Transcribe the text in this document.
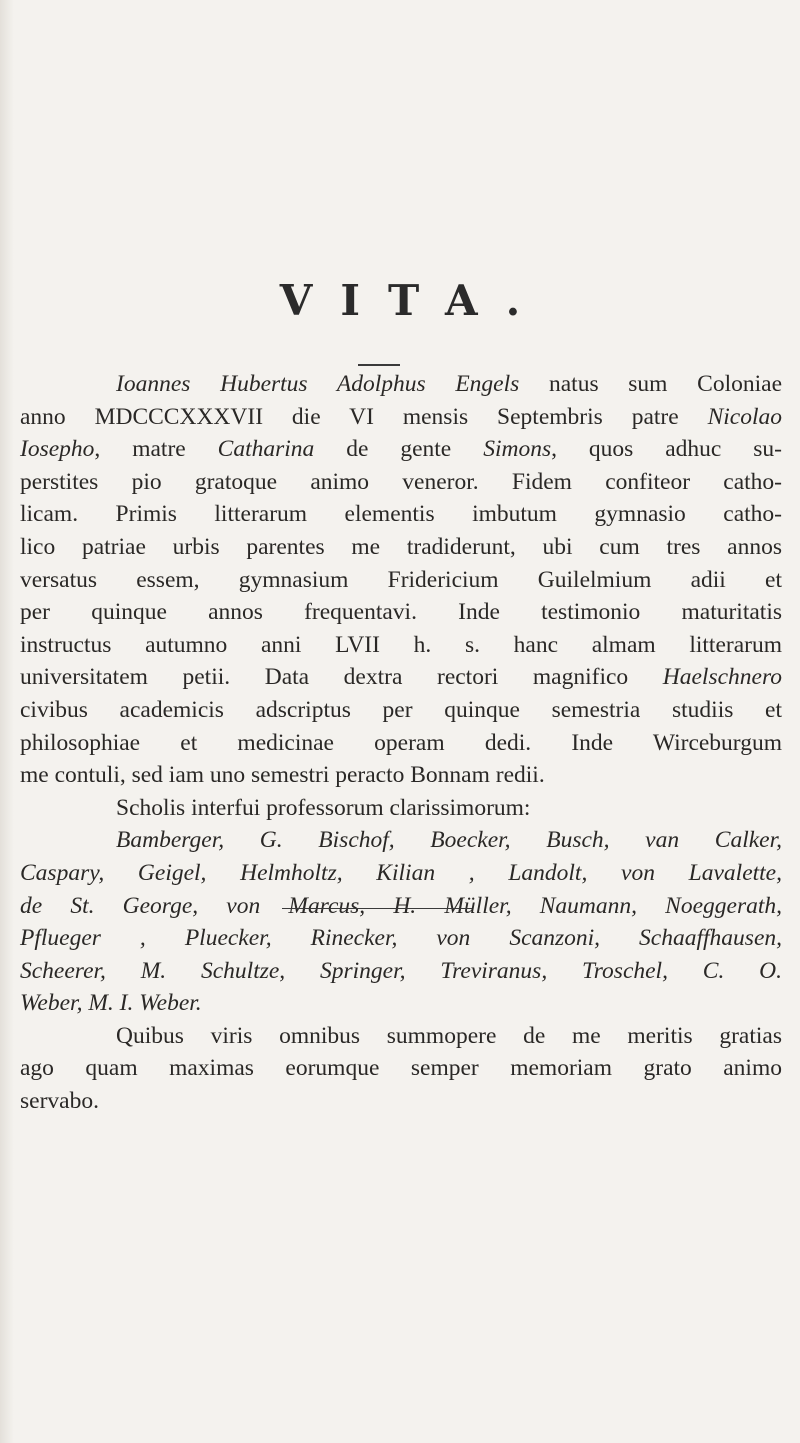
VITA.

Ioannes Hubertus Adolphus Engels natus sum Coloniae
anno MDCCCXXXVII die VI mensis Septembris patre Nicolao
Iosepho, matre Catharina de gente Simons, quos adhuc su-
perstites pio gratoque animo veneror. Fidem confiteor catho-
licam. Primis litterarum elementis imbutum gymnasio catho-
lico patriae urbis parentes me tradiderunt, ubi cum tres annos
versatus essem, gymnasium Fridericium Guilelmium adii et
per quinque annos frequentavi. Inde testimonio maturitatis
instructus autumno anni LVII h. s. hanc almam litterarum
universitatem petii. Data dextra rectori magnifico Haelschnero
civibus academicis adscriptus per quinque semestria studiis et
philosophiae et medicinae operam dedi. Inde Wirceburgum
me contuli, sed iam uno semestri peracto Bonnam redii.

Scholis interfui professorum clarissimorum:
Bamberger, G. Bischof, Boecker, Busch, van Calker,
Caspary, Geigel, Helmholtz, Kilian , Landolt, von Lavalette,
de St. George, von Marcus, H. Müller, Naumann, Noeggerath,
Pflueger , Pluecker, Rinecker, von Scanzoni, Schaaffhausen,
Scheerer, M. Schultze, Springer, Treviranus, Troschel, C. O.
Weber, M. I. Weber.

Quibus viris omnibus summopere de me meritis gratias
ago quam maximas eorumque semper memoriam grato animo
servabo.
